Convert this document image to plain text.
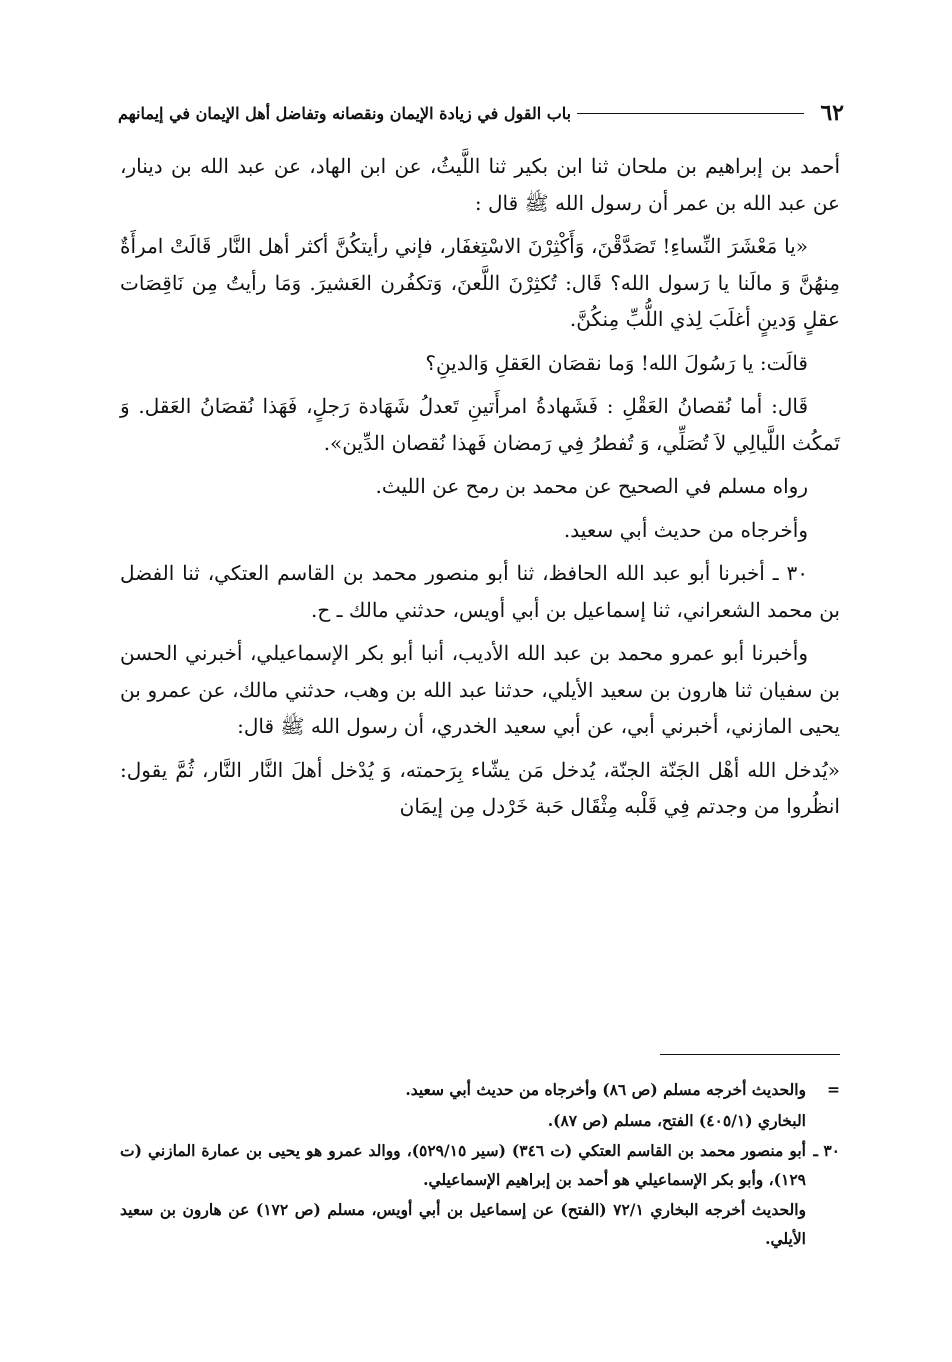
٦٢
باب القول في زيادة الإيمان ونقصانه وتفاضل أهل الإيمان في إيمانهم

أحمد بن إبراهيم بن ملحان ثنا ابن بكير ثنا اللَّيثُ، عن ابن الهاد، عن عبد الله بن دينار، عن عبد الله بن عمر أن رسول الله ﷺ قال :

«يا مَعْشَرَ النِّساءِ! تَصَدَّقْنَ، وَأَكْثِرْنَ الاسْتِغفَار، فإني رأيتكُنَّ أكثر أهل النَّار قَالَتْ امرأَةٌ مِنهُنَّ وَ مالَنا يا رَسول الله؟ قَال: تُكثِرْنَ اللَّعنَ، وَتكفُرن العَشيرَ. وَمَا رأيتُ مِن نَاقِصَات عقلٍ وَدينٍ أغلَبَ لِذي اللُّبِّ مِنكُنَّ.

قالَت: يا رَسُولَ الله! وَما نقصَان العَقلِ وَالدينِ؟

قَال: أما نُقصانُ العَقْلِ : فَشَهادةُ امرأَتينِ تَعدلُ شَهَادة رَجلٍ، فَهَذا نُقصَانُ العَقل. وَ تَمكُث اللَّيالِي لاَ تُصَلِّي، وَ تُفطرُ فِي رَمضان فَهذا نُقصان الدِّين».

رواه مسلم في الصحيح عن محمد بن رمح عن الليث.

وأخرجاه من حديث أبي سعيد.

٣٠ ـ أخبرنا أبو عبد الله الحافظ، ثنا أبو منصور محمد بن القاسم العتكي، ثنا الفضل بن محمد الشعراني، ثنا إسماعيل بن أبي أويس، حدثني مالك ـ ح.

وأخبرنا أبو عمرو محمد بن عبد الله الأديب، أنبا أبو بكر الإسماعيلي، أخبرني الحسن بن سفيان ثنا هارون بن سعيد الأيلي، حدثنا عبد الله بن وهب، حدثني مالك، عن عمرو بن يحيى المازني، أخبرني أبي، عن أبي سعيد الخدري، أن رسول الله ﷺ قال:

«يُدخل الله أهْل الجَنّة الجنّة، يُدخل مَن يشّاء بِرَحمته، وَ يُدْخل أهلَ النَّار النَّار، ثُمَّ يقول: انظُروا من وجدتم فِي قَلْبه مِثْقَال حَبة خَرْدل مِن إيمَان

=
والحديث أخرجه مسلم (ص ٨٦) وأخرجاه من حديث أبي سعيد.
البخاري (٤٠٥/١) الفتح، مسلم (ص ٨٧).
٣٠ ـ
أبو منصور محمد بن القاسم العتكي (ت ٣٤٦) (سير ٥٢٩/١٥)، ووالد عمرو هو يحيى بن عمارة المازني (ت ١٢٩)، وأبو بكر الإسماعيلي هو أحمد بن إبراهيم الإسماعيلي.
والحديث أخرجه البخاري ٧٢/١ (الفتح) عن إسماعيل بن أبي أويس، مسلم (ص ١٧٢) عن هارون بن سعيد الأيلي.
